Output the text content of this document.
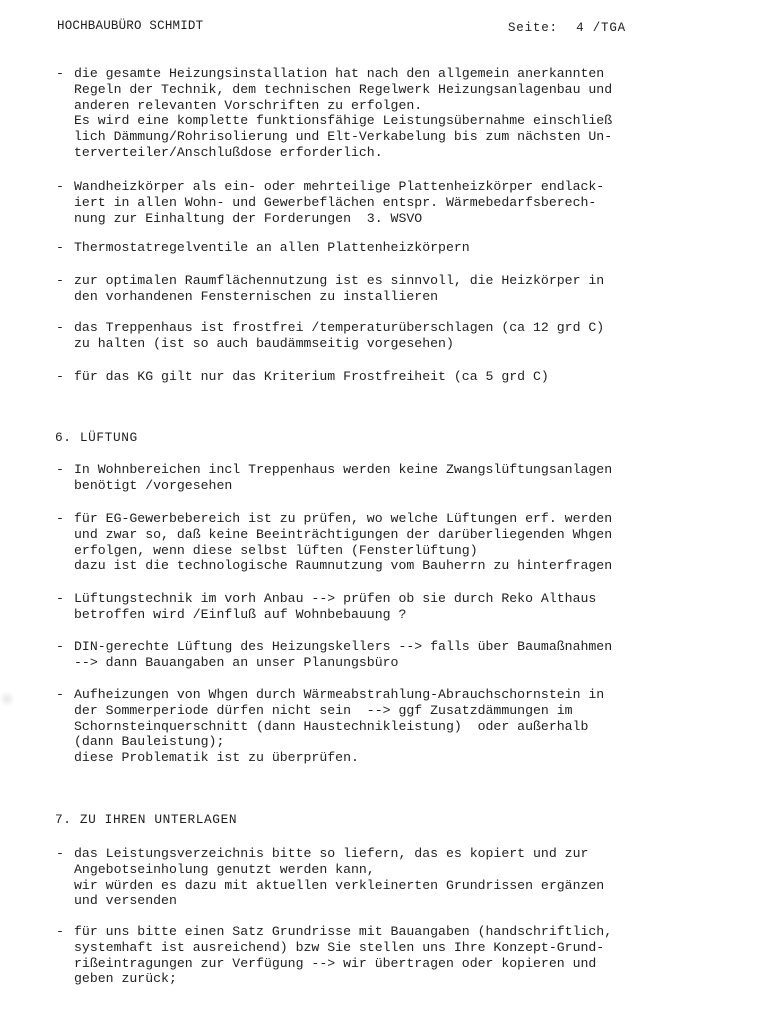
HOCHBAUBÜRO SCHMIDT	Seite: 4 /TGA
- die gesamte Heizungsinstallation hat nach den allgemein anerkannten
Regeln der Technik, dem technischen Regelwerk Heizungsanlagenbau und
anderen relevanten Vorschriften zu erfolgen.
Es wird eine komplette funktionsfähige Leistungsübernahme einschließ
lich Dämmung/Rohrisolierung und Elt-Verkabelung bis zum nächsten Un-
terverteiler/Anschlußdose erforderlich.
- Wandheizkörper als ein- oder mehrteilige Plattenheizkörper endlack-
iert in allen Wohn- und Gewerbeflächen entspr. Wärmebedarfsberech-
nung zur Einhaltung der Forderungen  3. WSVO
- Thermostatregelventile an allen Plattenheizkörpern
- zur optimalen Raumflächennutzung ist es sinnvoll, die Heizkörper in
den vorhandenen Fensternischen zu installieren
- das Treppenhaus ist frostfrei /temperaturüberschlagen (ca 12 grd C)
zu halten (ist so auch baudämmseitig vorgesehen)
- für das KG gilt nur das Kriterium Frostfreiheit (ca 5 grd C)
6. LÜFTUNG
- In Wohnbereichen incl Treppenhaus werden keine Zwangslüftungsanlagen
benötigt /vorgesehen
- für EG-Gewerbebereich ist zu prüfen, wo welche Lüftungen erf. werden
und zwar so, daß keine Beeinträchtigungen der darüberliegenden Whgen
erfolgen, wenn diese selbst lüften (Fensterlüftung)
dazu ist die technologische Raumnutzung vom Bauherrn zu hinterfragen
- Lüftungstechnik im vorh Anbau --> prüfen ob sie durch Reko Althaus
betroffen wird /Einfluß auf Wohnbebauung ?
- DIN-gerechte Lüftung des Heizungskellers --> falls über Baumaßnahmen
--> dann Bauangaben an unser Planungsbüro
- Aufheizungen von Whgen durch Wärmeabstrahlung-Abrauchschornstein in
der Sommerperiode dürfen nicht sein  --> ggf Zusatzdämmungen im
Schornsteinquerschnitt (dann Haustechnikleistung)  oder außerhalb
(dann Bauleistung);
diese Problematik ist zu überprüfen.
7. ZU IHREN UNTERLAGEN
- das Leistungsverzeichnis bitte so liefern, das es kopiert und zur
Angebotseinholung genutzt werden kann,
wir würden es dazu mit aktuellen verkleinerten Grundrissen ergänzen
und versenden
- für uns bitte einen Satz Grundrisse mit Bauangaben (handschriftlich,
systemhaft ist ausreichend) bzw Sie stellen uns Ihre Konzept-Grund-
rißeintragungen zur Verfügung --> wir übertragen oder kopieren und
geben zurück;
